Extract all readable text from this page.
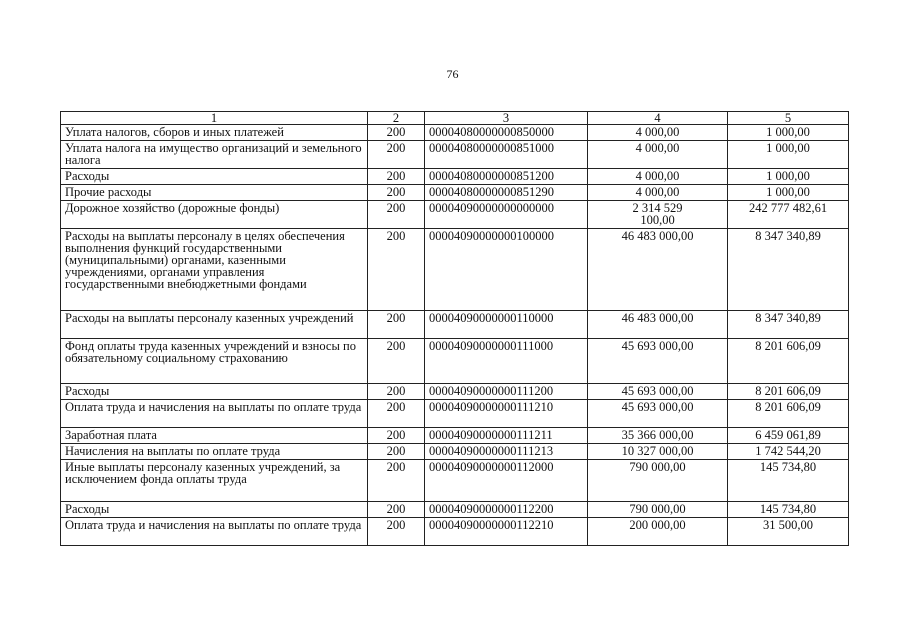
76
1	2	3	4	5
Уплата налогов, сборов и иных платежей	200	00004080000000850000	4 000,00	1 000,00
Уплата налога на имущество организаций и земельного налога	200	00004080000000851000	4 000,00	1 000,00
Расходы	200	00004080000000851200	4 000,00	1 000,00
Прочие расходы	200	00004080000000851290	4 000,00	1 000,00
Дорожное хозяйство (дорожные фонды)	200	00004090000000000000	2 314 529 100,00	242 777 482,61
Расходы на выплаты персоналу в целях обеспечения выполнения функций государственными (муниципальными) органами, казенными учреждениями, органами управления государственными внебюджетными фондами	200	00004090000000100000	46 483 000,00	8 347 340,89
Расходы на выплаты персоналу казенных учреждений	200	00004090000000110000	46 483 000,00	8 347 340,89
Фонд оплаты труда казенных учреждений и взносы по обязательному социальному страхованию	200	00004090000000111000	45 693 000,00	8 201 606,09
Расходы	200	00004090000000111200	45 693 000,00	8 201 606,09
Оплата труда и начисления на выплаты по оплате труда	200	00004090000000111210	45 693 000,00	8 201 606,09
Заработная плата	200	00004090000000111211	35 366 000,00	6 459 061,89
Начисления на выплаты по оплате труда	200	00004090000000111213	10 327 000,00	1 742 544,20
Иные выплаты персоналу казенных учреждений, за исключением фонда оплаты труда	200	00004090000000112000	790 000,00	145 734,80
Расходы	200	00004090000000112200	790 000,00	145 734,80
Оплата труда и начисления на выплаты по оплате труда	200	00004090000000112210	200 000,00	31 500,00
